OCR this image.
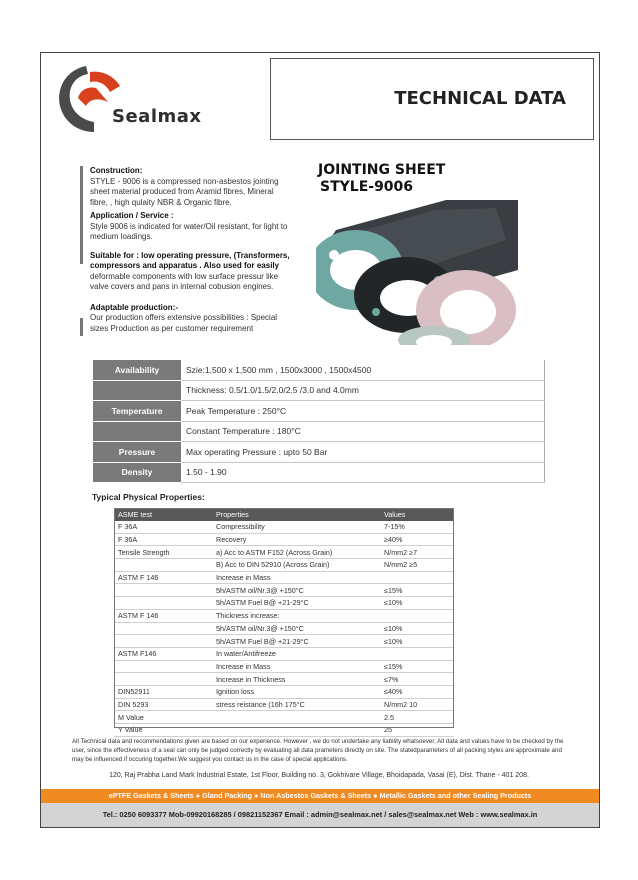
Sealmax
TECHNICAL DATA
Construction:
STYLE - 9006 is a compressed non-asbestos jointing sheet material produced from Aramid fibres, Mineral fibre, , high qulaity NBR & Organic fibre.
Application / Service :
Style 9006 is indicated for water/Oil resistant, for light to medium loadings.
Suitable for : low operating pressure, (Transformers, compressors and apparatus . Also used for easily
deformable components with low surface pressur like valve covers and pans in internal cobusion engines.
Adaptable production:-
Our production offers extensive possibilities : Special sizes Production as per customer requirement
JOINTING SHEET
STYLE-9006
Availability	Szie:1,500 x 1,500 mm , 1500x3000 , 1500x4500
	Thickness: 0.5/1.0/1.5/2.0/2.5 /3.0 and 4.0mm
Temperature	Peak Temperature : 250°C
	Constant Temperature : 180°C
Pressure	Max operating Pressure : upto 50 Bar
Density	1.50 - 1.90
Typical Physical Properties:
ASME test	Properties	Values
F 36A	Compressibility	7-15%
F 36A	Recovery	≥40%
Tensile Strength	a) Acc to ASTM F152 (Across Grain)	N/mm2 ≥7
	B) Acc to DIN 52910 (Across Grain)	N/mm2 ≥5
ASTM F 146	Increase in Mass	
	5h/ASTM oil/Nr.3@ +150°C	≤15%
	5h/ASTM Fuel B@ +21-29°C	≤10%
ASTM F 146	Thickness increase:	
	5h/ASTM oil/Nr.3@ +150°C	≤10%
	5h/ASTM Fuel B@ +21-29°C	≤10%
ASTM F146	In water/Antifreeze	
	Increase in Mass	≤15%
	Increase in Thickness	≤7%
DIN52911	Ignition loss	≤40%
DIN 5293	stress reistance (16h 175°C	N/mm2 10
M Value		2.5
Y Value		25
All Technical data and recommendations given are based on our experience. However , we do not undertake any liability whatsoever, All data and values have to be checked by the user, since the effectiveness of a seal can only be judged correctly by evaluating all data prameters directly on site. The statedparameters of all packing styles are approximate and may be influenced if occuring together.We suggest you contact us in the case of special applications.
120, Raj Prabha Land Mark Industrial Estate, 1st Floor, Building no. 3, Gokhivare Village, Bhoidapada, Vasai (E), Dist. Thane - 401 208.
ePTFE Gaskets & Sheets ● Gland Packing ● Non Asbestos Gaskets & Sheets ● Metallic Gaskets and other Sealing Products
Tel.: 0250 6093377 Mob-09920168285 / 09821152367 Email : admin@sealmax.net / sales@sealmax.net Web : www.sealmax.in
